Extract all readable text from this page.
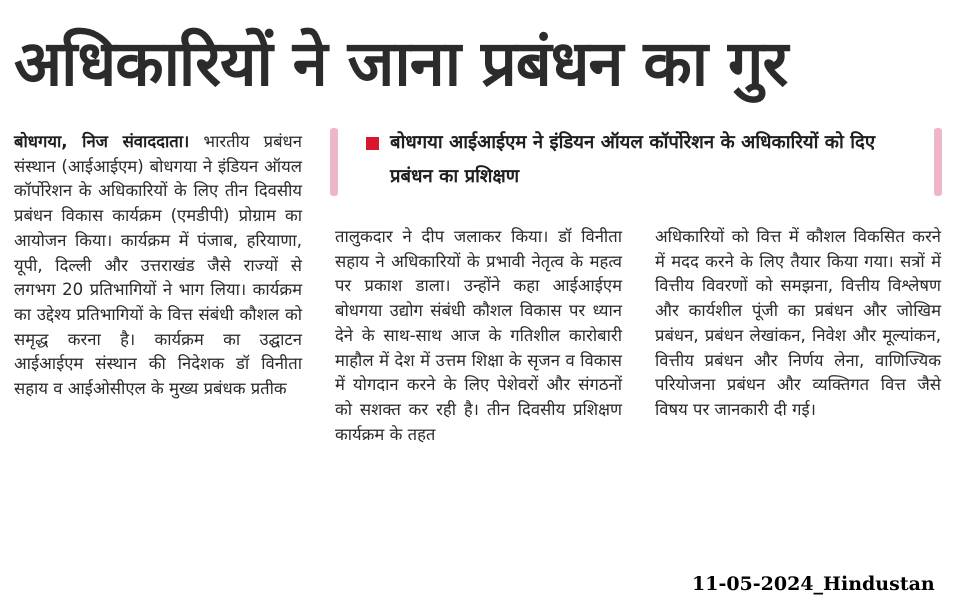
अधिकारियों ने जाना प्रबंधन का गुर

बोधगया, निज संवाददाता। भारतीय प्रबंधन संस्थान (आईआईएम) बोधगया ने इंडियन ऑयल कॉर्पोरेशन के अधिकारियों के लिए तीन दिवसीय प्रबंधन विकास कार्यक्रम (एमडीपी) प्रोग्राम का आयोजन किया। कार्यक्रम में पंजाब, हरियाणा, यूपी, दिल्ली और उत्तराखंड जैसे राज्यों से लगभग 20 प्रतिभागियों ने भाग लिया। कार्यक्रम का उद्देश्य प्रतिभागियों के वित्त संबंधी कौशल को समृद्ध करना है। कार्यक्रम का उद्घाटन आईआईएम संस्थान की निदेशक डॉ विनीता सहाय व आईओसीएल के मुख्य प्रबंधक प्रतीक

बोधगया आईआईएम ने इंडियन ऑयल कॉर्पोरेशन के अधिकारियों को दिए प्रबंधन का प्रशिक्षण

तालुकदार ने दीप जलाकर किया। डॉ विनीता सहाय ने अधिकारियों के प्रभावी नेतृत्व के महत्व पर प्रकाश डाला। उन्होंने कहा आईआईएम बोधगया उद्योग संबंधी कौशल विकास पर ध्यान देने के साथ-साथ आज के गतिशील कारोबारी माहौल में देश में उत्तम शिक्षा के सृजन व विकास में योगदान करने के लिए पेशेवरों और संगठनों को सशक्त कर रही है। तीन दिवसीय प्रशिक्षण कार्यक्रम के तहत

अधिकारियों को वित्त में कौशल विकसित करने में मदद करने के लिए तैयार किया गया। सत्रों में वित्तीय विवरणों को समझना, वित्तीय विश्लेषण और कार्यशील पूंजी का प्रबंधन और जोखिम प्रबंधन, प्रबंधन लेखांकन, निवेश और मूल्यांकन, वित्तीय प्रबंधन और निर्णय लेना, वाणिज्यिक परियोजना प्रबंधन और व्यक्तिगत वित्त जैसे विषय पर जानकारी दी गई।

11-05-2024_Hindustan
